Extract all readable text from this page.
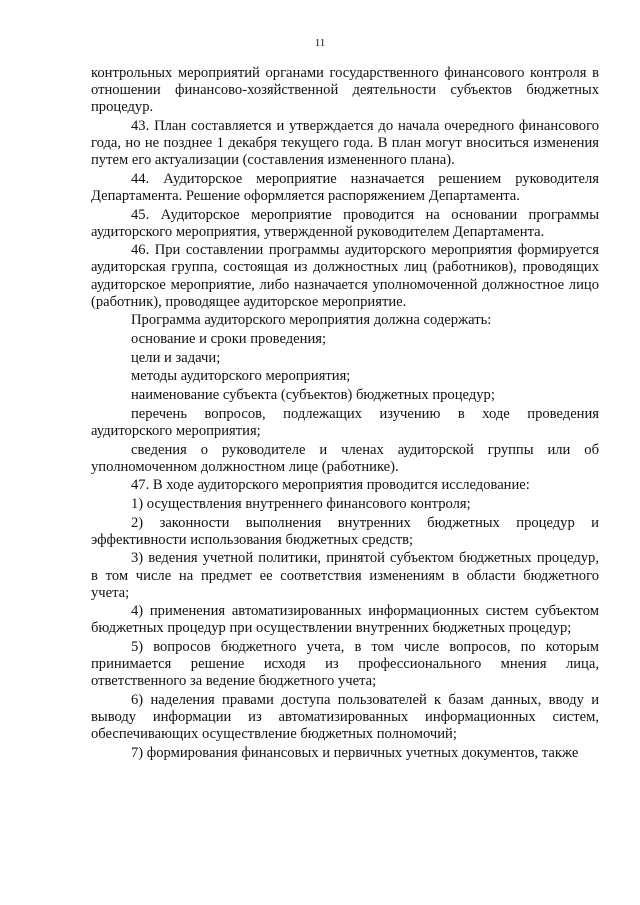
11

контрольных мероприятий органами государственного финансового контроля в отношении финансово-хозяйственной деятельности субъектов бюджетных процедур.

43. План составляется и утверждается до начала очередного финансового года, но не позднее 1 декабря текущего года. В план могут вноситься изменения путем его актуализации (составления измененного плана).

44. Аудиторское мероприятие назначается решением руководителя Департамента. Решение оформляется распоряжением Департамента.

45. Аудиторское мероприятие проводится на основании программы аудиторского мероприятия, утвержденной руководителем Департамента.

46. При составлении программы аудиторского мероприятия формируется аудиторская группа, состоящая из должностных лиц (работников), проводящих аудиторское мероприятие, либо назначается уполномоченной должностное лицо (работник), проводящее аудиторское мероприятие.

Программа аудиторского мероприятия должна содержать:

основание и сроки проведения;

цели и задачи;

методы аудиторского мероприятия;

наименование субъекта (субъектов) бюджетных процедур;

перечень вопросов, подлежащих изучению в ходе проведения аудиторского мероприятия;

сведения о руководителе и членах аудиторской группы или об уполномоченном должностном лице (работнике).

47. В ходе аудиторского мероприятия проводится исследование:

1) осуществления внутреннего финансового контроля;

2) законности выполнения внутренних бюджетных процедур и эффективности использования бюджетных средств;

3) ведения учетной политики, принятой субъектом бюджетных процедур, в том числе на предмет ее соответствия изменениям в области бюджетного учета;

4) применения автоматизированных информационных систем субъектом бюджетных процедур при осуществлении внутренних бюджетных процедур;

5) вопросов бюджетного учета, в том числе вопросов, по которым принимается решение исходя из профессионального мнения лица, ответственного за ведение бюджетного учета;

6) наделения правами доступа пользователей к базам данных, вводу и выводу информации из автоматизированных информационных систем, обеспечивающих осуществление бюджетных полномочий;

7) формирования финансовых и первичных учетных документов, также
